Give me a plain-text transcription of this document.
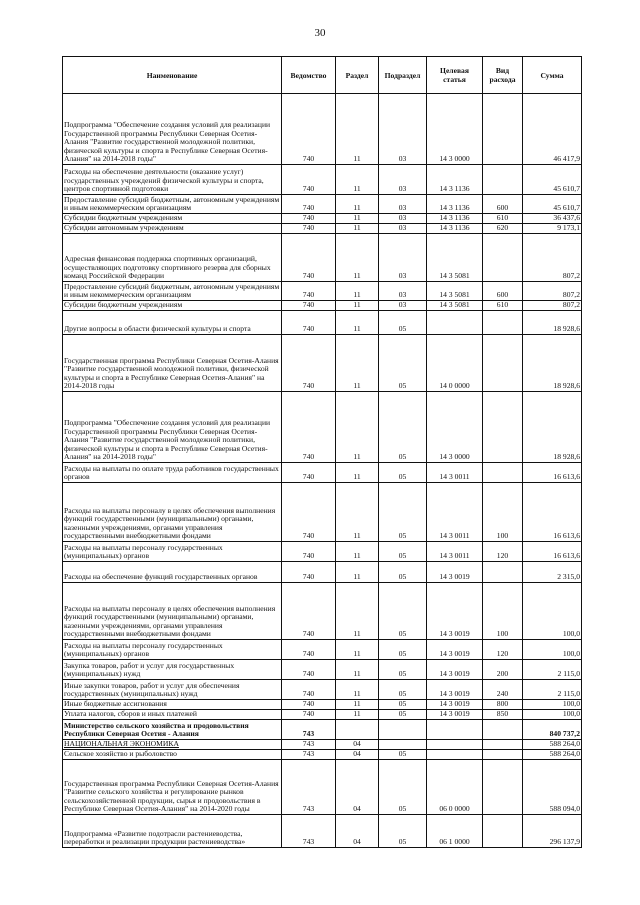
30
Наименование	Ведомство	Раздел	Подраздел	Целевая статья	Вид расхода	Сумма

Подпрограмма "Обеспечение создания условий для реализации Государственной программы Республики Северная Осетия-Алания "Развитие государственной молодежной политики, физической культуры и спорта в Республике Северная Осетия-Алания" на 2014-2018 годы"	740	11	03	14 3 0000		46 417,9
Расходы на обеспечение деятельности (оказание услуг) государственных учреждений физической культуры и спорта, центров спортивной подготовки	740	11	03	14 3 1136		45 610,7
Предоставление субсидий бюджетным, автономным учреждениям и иным некоммерческим организациям	740	11	03	14 3 1136	600	45 610,7
Субсидии бюджетным учреждениям	740	11	03	14 3 1136	610	36 437,6
Субсидии автономным учреждениям	740	11	03	14 3 1136	620	9 173,1

Адресная финансовая поддержка спортивных организаций, осуществляющих подготовку спортивного резерва для сборных команд Российской Федерации	740	11	03	14 3 5081		807,2
Предоставление субсидий бюджетным, автономным учреждениям и иным некоммерческим организациям	740	11	03	14 3 5081	600	807,2
Субсидии бюджетным учреждениям	740	11	03	14 3 5081	610	807,2

Другие вопросы в области физической культуры и спорта	740	11	05			18 928,6

Государственная программа Республики Северная Осетия-Алания "Развитие государственной молодежной политики, физической культуры и спорта в Республике Северная Осетия-Алания" на 2014-2018 годы	740	11	05	14 0 0000		18 928,6

Подпрограмма "Обеспечение создания условий для реализации Государственной программы Республики Северная Осетия-Алания "Развитие государственной молодежной политики, физической культуры и спорта в Республике Северная Осетия-Алания" на 2014-2018 годы"	740	11	05	14 3 0000		18 928,6
Расходы на выплаты по оплате труда работников государственных органов	740	11	05	14 3 0011		16 613,6
Расходы на выплаты персоналу в целях обеспечения выполнения функций государственными (муниципальными) органами, казенными учреждениями, органами управления государственными внебюджетными фондами	740	11	05	14 3 0011	100	16 613,6
Расходы на выплаты персоналу государственных (муниципальных) органов	740	11	05	14 3 0011	120	16 613,6
Расходы на обеспечение функций государственных органов	740	11	05	14 3 0019		2 315,0
Расходы на выплаты персоналу в целях обеспечения выполнения функций государственными (муниципальными) органами, казенными учреждениями, органами управления государственными внебюджетными фондами	740	11	05	14 3 0019	100	100,0
Расходы на выплаты персоналу государственных (муниципальных) органов	740	11	05	14 3 0019	120	100,0
Закупка товаров, работ и услуг для государственных (муниципальных) нужд	740	11	05	14 3 0019	200	2 115,0
Иные закупки товаров, работ и услуг для обеспечения государственных (муниципальных) нужд	740	11	05	14 3 0019	240	2 115,0
Иные бюджетные ассигнования	740	11	05	14 3 0019	800	100,0
Уплата налогов, сборов и иных платежей	740	11	05	14 3 0019	850	100,0
Министерство сельского хозяйства и продовольствия Республики Северная Осетия - Алания	743					840 737,2
НАЦИОНАЛЬНАЯ ЭКОНОМИКА	743	04				588 264,0
Сельское хозяйство и рыболовство	743	04	05			588 264,0
Государственная программа Республики Северная Осетия-Алания "Развитие сельского хозяйства и регулирование рынков сельскохозяйственной продукции, сырья и продовольствия в Республике Северная Осетия-Алания" на 2014-2020 годы	743	04	05	06 0 0000		588 094,0

Подпрограмма «Развитие подотрасли растениеводства, переработки и реализации продукции растениеводства»	743	04	05	06 1 0000		296 137,9
